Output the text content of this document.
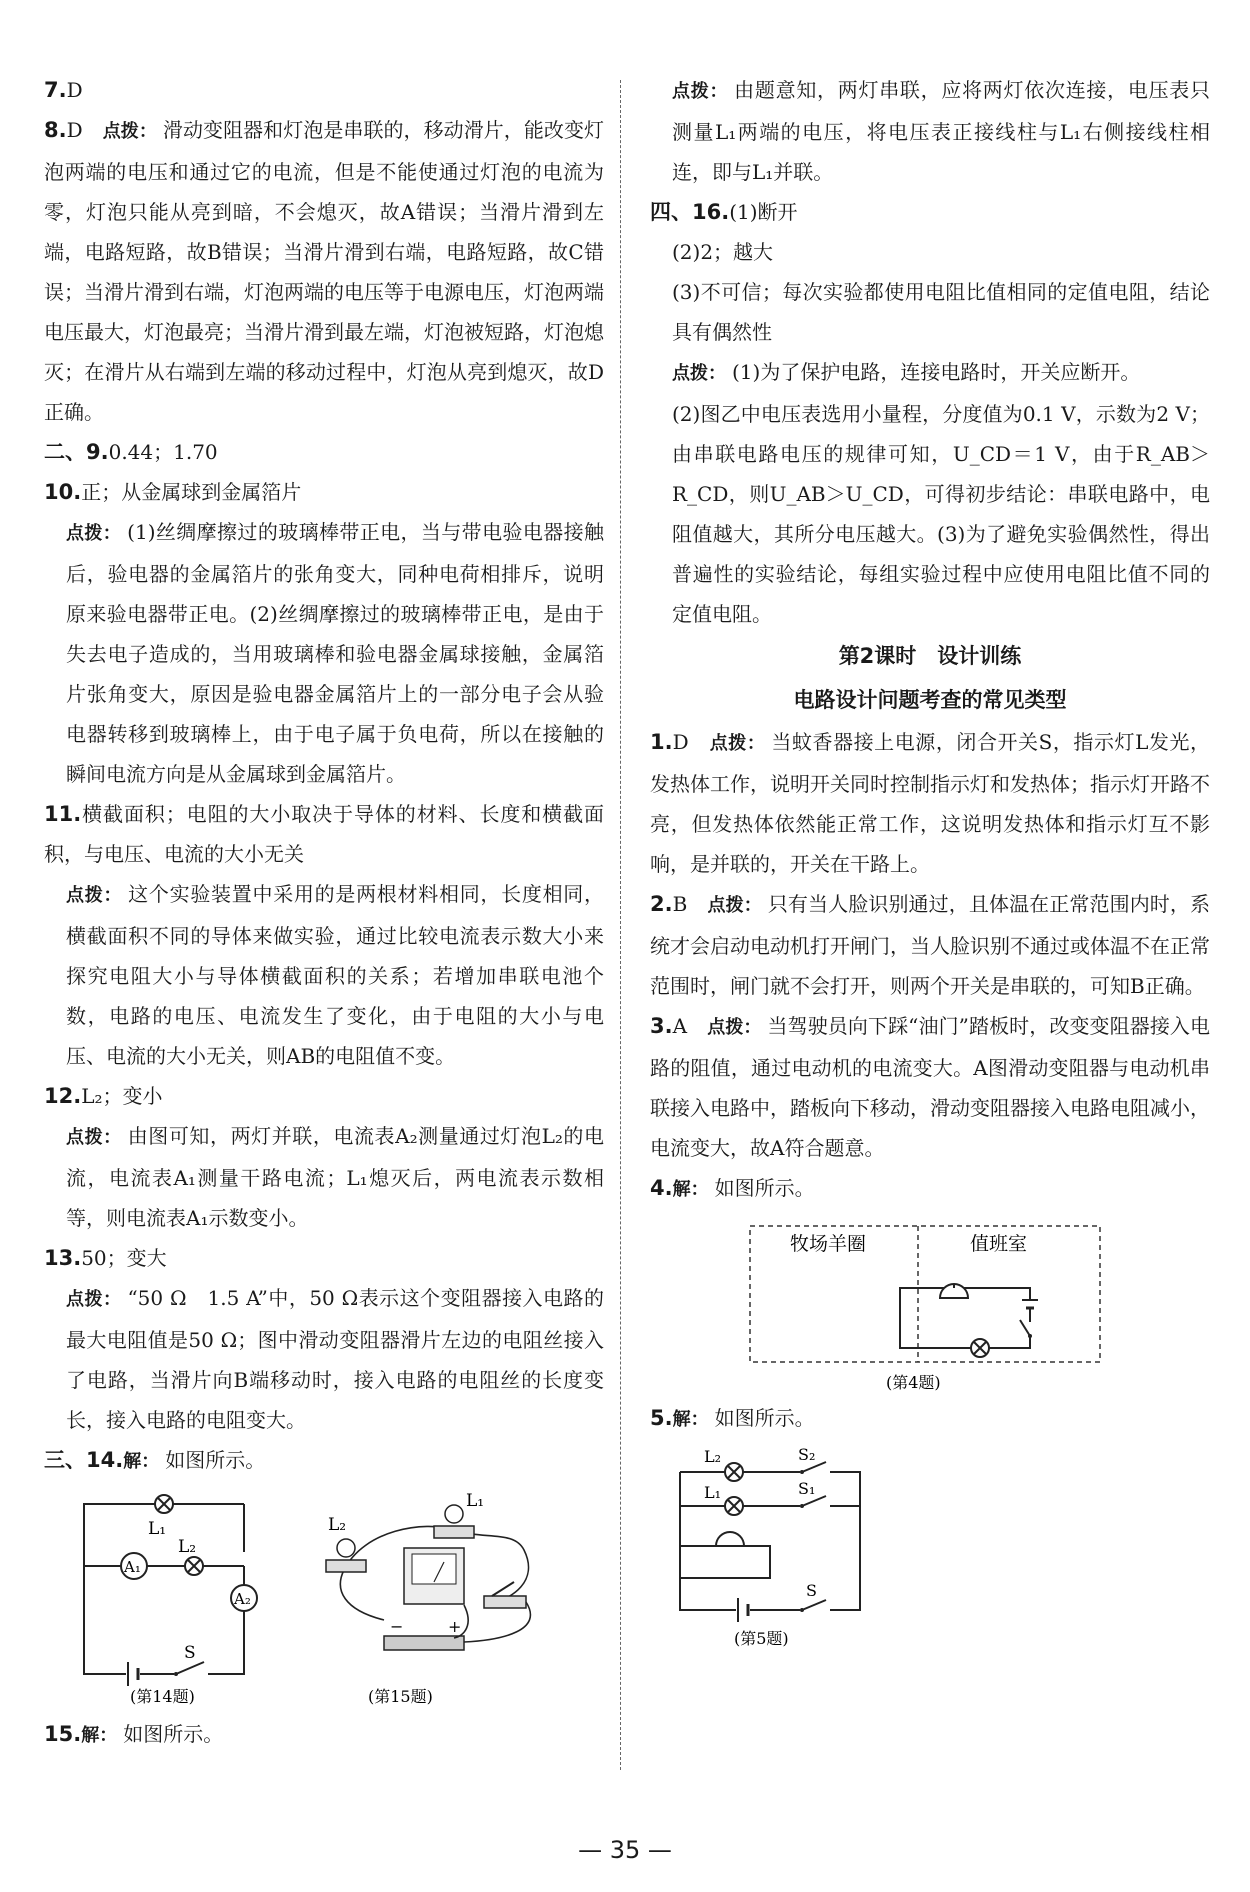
7.D

8.D　 点拨： 滑动变阻器和灯泡是串联的，移动滑片，能改变灯泡两端的电压和通过它的电流，但是不能使通过灯泡的电流为零，灯泡只能从亮到暗，不会熄灭，故A错误；当滑片滑到左端，电路短路，故B错误；当滑片滑到右端，电路短路，故C错误；当滑片滑到右端，灯泡两端的电压等于电源电压，灯泡两端电压最大，灯泡最亮；当滑片滑到最左端，灯泡被短路，灯泡熄灭；在滑片从右端到左端的移动过程中，灯泡从亮到熄灭，故D正确。

二、9.0.44；1.70

10.正；从金属球到金属箔片

点拨： (1)丝绸摩擦过的玻璃棒带正电，当与带电验电器接触后，验电器的金属箔片的张角变大，同种电荷相排斥，说明原来验电器带正电。(2)丝绸摩擦过的玻璃棒带正电，是由于失去电子造成的，当用玻璃棒和验电器金属球接触，金属箔片张角变大，原因是验电器金属箔片上的一部分电子会从验电器转移到玻璃棒上，由于电子属于负电荷，所以在接触的瞬间电流方向是从金属球到金属箔片。

11.横截面积；电阻的大小取决于导体的材料、长度和横截面积，与电压、电流的大小无关

点拨： 这个实验装置中采用的是两根材料相同，长度相同，横截面积不同的导体来做实验，通过比较电流表示数大小来探究电阻大小与导体横截面积的关系；若增加串联电池个数，电路的电压、电流发生了变化，由于电阻的大小与电压、电流的大小无关，则AB的电阻值不变。

12.L₂；变小

点拨： 由图可知，两灯并联，电流表A₂测量通过灯泡L₂的电流，电流表A₁测量干路电流；L₁熄灭后，两电流表示数相等，则电流表A₁示数变小。

13.50；变大

点拨： “50 Ω　1.5 A”中，50 Ω表示这个变阻器接入电路的最大电阻值是50 Ω；图中滑动变阻器滑片左边的电阻丝接入了电路，当滑片向B端移动时，接入电路的电阻丝的长度变长，接入电路的电阻变大。

三、14.解： 如图所示。

L₁
L₂
A₁
A₂
S
L₂
L₁
−	+
(第14题)	(第15题)

15.解： 如图所示。

点拨： 由题意知，两灯串联，应将两灯依次连接，电压表只测量L₁两端的电压，将电压表正接线柱与L₁右侧接线柱相连，即与L₁并联。

四、16.(1)断开

(2)2；越大

(3)不可信；每次实验都使用电阻比值相同的定值电阻，结论具有偶然性

点拨： (1)为了保护电路，连接电路时，开关应断开。

(2)图乙中电压表选用小量程，分度值为0.1 V，示数为2 V；由串联电路电压的规律可知，U_CD＝1 V，由于R_AB＞R_CD，则U_AB＞U_CD，可得初步结论：串联电路中，电阻值越大，其所分电压越大。(3)为了避免实验偶然性，得出普遍性的实验结论，每组实验过程中应使用电阻比值不同的定值电阻。

第2课时　设计训练
电路设计问题考查的常见类型

1.D　 点拨： 当蚊香器接上电源，闭合开关S，指示灯L发光，发热体工作，说明开关同时控制指示灯和发热体；指示灯开路不亮，但发热体依然能正常工作，这说明发热体和指示灯互不影响，是并联的，开关在干路上。

2.B　 点拨： 只有当人脸识别通过，且体温在正常范围内时，系统才会启动电动机打开闸门，当人脸识别不通过或体温不在正常范围时，闸门就不会打开，则两个开关是串联的，可知B正确。

3.A　 点拨： 当驾驶员向下踩“油门”踏板时，改变变阻器接入电路的阻值，通过电动机的电流变大。A图滑动变阻器与电动机串联接入电路中，踏板向下移动，滑动变阻器接入电路电阻减小，电流变大，故A符合题意。

4.解： 如图所示。

牧场羊圈	值班室
(第4题)

5.解： 如图所示。

L₂
L₁
S₂
S₁
S
(第5题)
— 35 —
